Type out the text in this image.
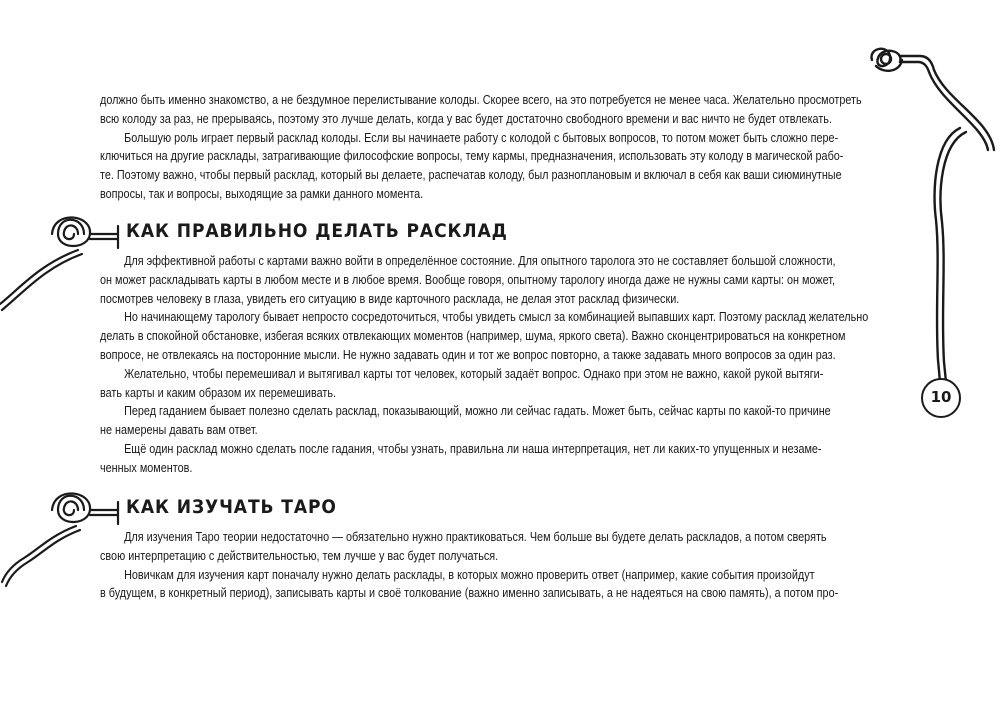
должно быть именно знакомство, а не бездумное перелистывание колоды. Скорее всего, на это потребуется не менее часа. Желательно просмотреть
всю колоду за раз, не прерываясь, поэтому это лучше делать, когда у вас будет достаточно свободного времени и вас ничто не будет отвлекать.
Большую роль играет первый расклад колоды. Если вы начинаете работу с колодой с бытовых вопросов, то потом может быть сложно пере-
ключиться на другие расклады, затрагивающие философские вопросы, тему кармы, предназначения, использовать эту колоду в магической рабо-
те. Поэтому важно, чтобы первый расклад, который вы делаете, распечатав колоду, был разноплановым и включал в себя как ваши сиюминутные
вопросы, так и вопросы, выходящие за рамки данного момента.
КАК ПРАВИЛЬНО ДЕЛАТЬ РАСКЛАД
Для эффективной работы с картами важно войти в определённое состояние. Для опытного таролога это не составляет большой сложности,
он может раскладывать карты в любом месте и в любое время. Вообще говоря, опытному тарологу иногда даже не нужны сами карты: он может,
посмотрев человеку в глаза, увидеть его ситуацию в виде карточного расклада, не делая этот расклад физически.
Но начинающему тарологу бывает непросто сосредоточиться, чтобы увидеть смысл за комбинацией выпавших карт. Поэтому расклад желательно
делать в спокойной обстановке, избегая всяких отвлекающих моментов (например, шума, яркого света). Важно сконцентрироваться на конкретном
вопросе, не отвлекаясь на посторонние мысли. Не нужно задавать один и тот же вопрос повторно, а также задавать много вопросов за один раз.
Желательно, чтобы перемешивал и вытягивал карты тот человек, который задаёт вопрос. Однако при этом не важно, какой рукой вытяги-
вать карты и каким образом их перемешивать.
Перед гаданием бывает полезно сделать расклад, показывающий, можно ли сейчас гадать. Может быть, сейчас карты по какой-то причине
не намерены давать вам ответ.
Ещё один расклад можно сделать после гадания, чтобы узнать, правильна ли наша интерпретация, нет ли каких-то упущенных и незаме-
ченных моментов.
10
КАК ИЗУЧАТЬ ТАРО
Для изучения Таро теории недостаточно — обязательно нужно практиковаться. Чем больше вы будете делать раскладов, а потом сверять
свою интерпретацию с действительностью, тем лучше у вас будет получаться.
Новичкам для изучения карт поначалу нужно делать расклады, в которых можно проверить ответ (например, какие события произойдут
в будущем, в конкретный период), записывать карты и своё толкование (важно именно записывать, а не надеяться на свою память), а потом про-
